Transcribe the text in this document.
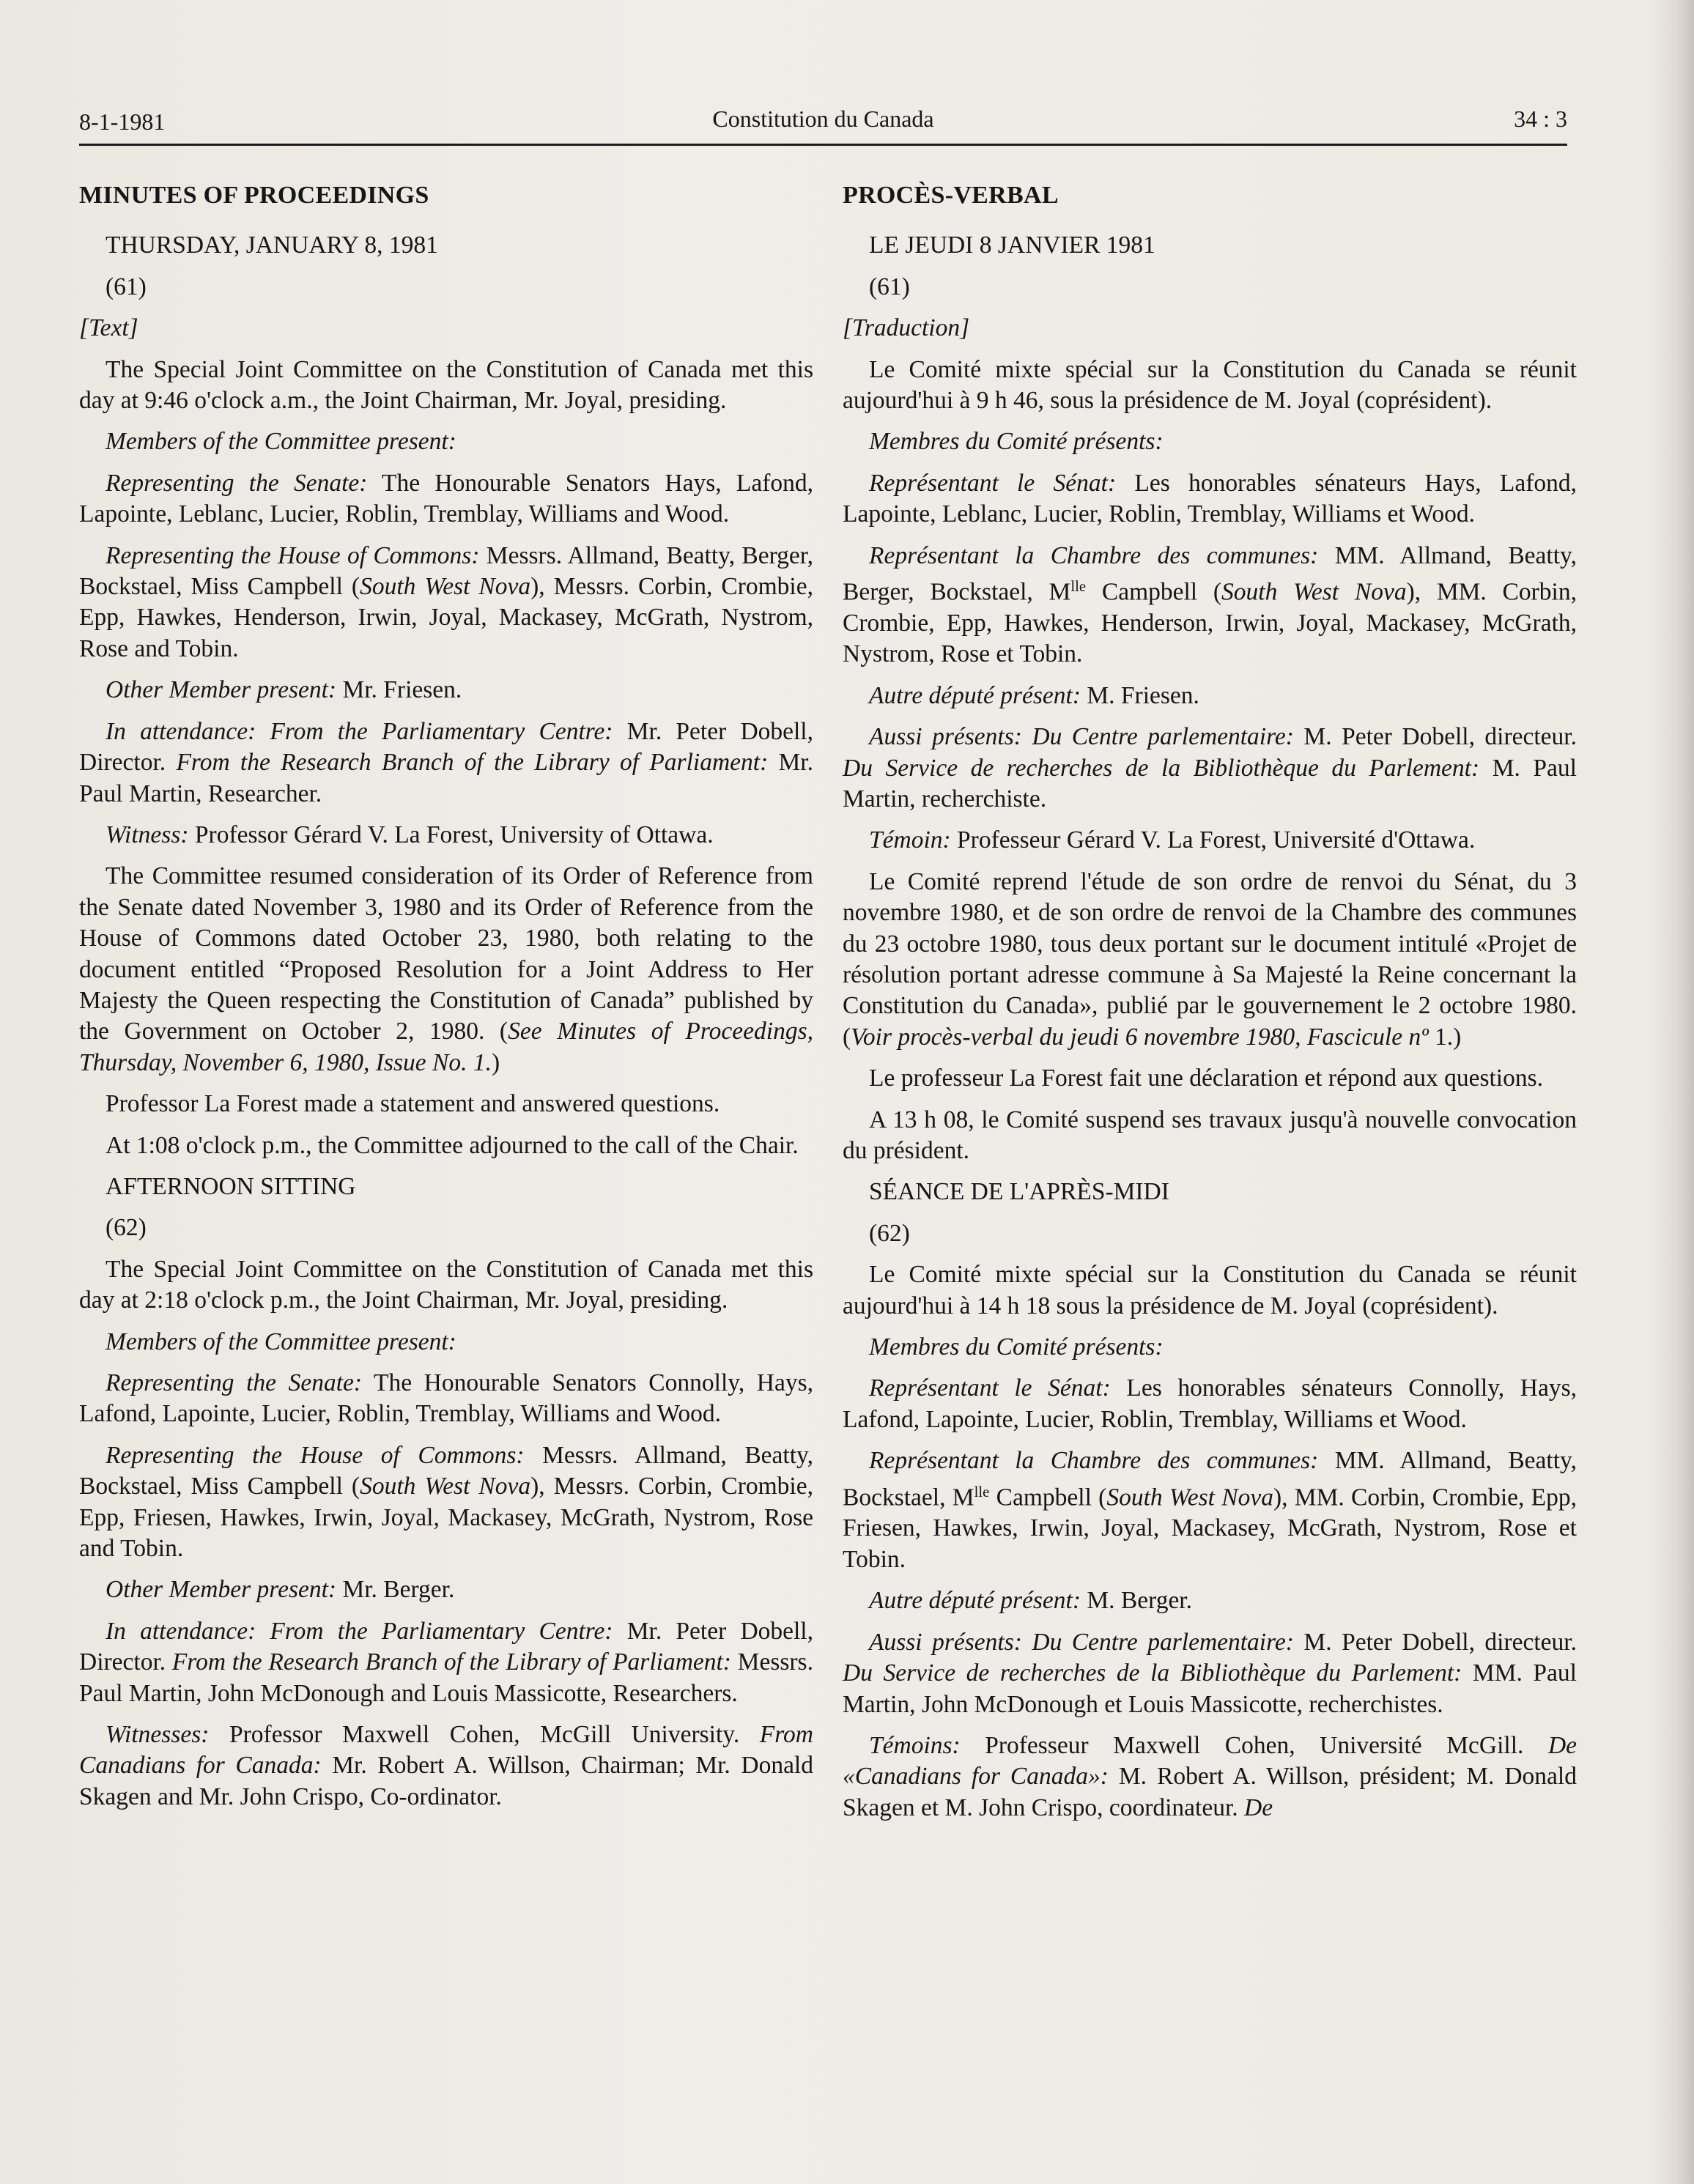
8-1-1981	Constitution du Canada	34 : 3
MINUTES OF PROCEEDINGS

THURSDAY, JANUARY 8, 1981

(61)

[Text]

The Special Joint Committee on the Constitution of Canada met this day at 9:46 o'clock a.m., the Joint Chairman, Mr. Joyal, presiding.

Members of the Committee present:

Representing the Senate: The Honourable Senators Hays, Lafond, Lapointe, Leblanc, Lucier, Roblin, Tremblay, Williams and Wood.

Representing the House of Commons: Messrs. Allmand, Beatty, Berger, Bockstael, Miss Campbell (South West Nova), Messrs. Corbin, Crombie, Epp, Hawkes, Henderson, Irwin, Joyal, Mackasey, McGrath, Nystrom, Rose and Tobin.

Other Member present: Mr. Friesen.

In attendance: From the Parliamentary Centre: Mr. Peter Dobell, Director. From the Research Branch of the Library of Parliament: Mr. Paul Martin, Researcher.

Witness: Professor Gérard V. La Forest, University of Ottawa.

The Committee resumed consideration of its Order of Reference from the Senate dated November 3, 1980 and its Order of Reference from the House of Commons dated October 23, 1980, both relating to the document entitled “Proposed Resolution for a Joint Address to Her Majesty the Queen respecting the Constitution of Canada” published by the Government on October 2, 1980. (See Minutes of Proceedings, Thursday, November 6, 1980, Issue No. 1.)

Professor La Forest made a statement and answered questions.

At 1:08 o'clock p.m., the Committee adjourned to the call of the Chair.

AFTERNOON SITTING

(62)

The Special Joint Committee on the Constitution of Canada met this day at 2:18 o'clock p.m., the Joint Chairman, Mr. Joyal, presiding.

Members of the Committee present:

Representing the Senate: The Honourable Senators Connolly, Hays, Lafond, Lapointe, Lucier, Roblin, Tremblay, Williams and Wood.

Representing the House of Commons: Messrs. Allmand, Beatty, Bockstael, Miss Campbell (South West Nova), Messrs. Corbin, Crombie, Epp, Friesen, Hawkes, Irwin, Joyal, Mackasey, McGrath, Nystrom, Rose and Tobin.

Other Member present: Mr. Berger.

In attendance: From the Parliamentary Centre: Mr. Peter Dobell, Director. From the Research Branch of the Library of Parliament: Messrs. Paul Martin, John McDonough and Louis Massicotte, Researchers.

Witnesses: Professor Maxwell Cohen, McGill University. From Canadians for Canada: Mr. Robert A. Willson, Chairman; Mr. Donald Skagen and Mr. John Crispo, Co-ordinator.

PROCÈS-VERBAL

LE JEUDI 8 JANVIER 1981

(61)

[Traduction]

Le Comité mixte spécial sur la Constitution du Canada se réunit aujourd'hui à 9 h 46, sous la présidence de M. Joyal (coprésident).

Membres du Comité présents:

Représentant le Sénat: Les honorables sénateurs Hays, Lafond, Lapointe, Leblanc, Lucier, Roblin, Tremblay, Williams et Wood.

Représentant la Chambre des communes: MM. Allmand, Beatty, Berger, Bockstael, $M^{lle}$ Campbell (South West Nova), MM. Corbin, Crombie, Epp, Hawkes, Henderson, Irwin, Joyal, Mackasey, McGrath, Nystrom, Rose et Tobin.

Autre député présent: M. Friesen.

Aussi présents: Du Centre parlementaire: M. Peter Dobell, directeur. Du Service de recherches de la Bibliothèque du Parlement: M. Paul Martin, recherchiste.

Témoin: Professeur Gérard V. La Forest, Université d'Ottawa.

Le Comité reprend l'étude de son ordre de renvoi du Sénat, du 3 novembre 1980, et de son ordre de renvoi de la Chambre des communes du 23 octobre 1980, tous deux portant sur le document intitulé «Projet de résolution portant adresse commune à Sa Majesté la Reine concernant la Constitution du Canada», publié par le gouvernement le 2 octobre 1980. (Voir procès-verbal du jeudi 6 novembre 1980, Fascicule nº 1.)

Le professeur La Forest fait une déclaration et répond aux questions.

A 13 h 08, le Comité suspend ses travaux jusqu'à nouvelle convocation du président.

SÉANCE DE L'APRÈS-MIDI

(62)

Le Comité mixte spécial sur la Constitution du Canada se réunit aujourd'hui à 14 h 18 sous la présidence de M. Joyal (coprésident).

Membres du Comité présents:

Représentant le Sénat: Les honorables sénateurs Connolly, Hays, Lafond, Lapointe, Lucier, Roblin, Tremblay, Williams et Wood.

Représentant la Chambre des communes: MM. Allmand, Beatty, Bockstael, $M^{lle}$ Campbell (South West Nova), MM. Corbin, Crombie, Epp, Friesen, Hawkes, Irwin, Joyal, Mackasey, McGrath, Nystrom, Rose et Tobin.

Autre député présent: M. Berger.

Aussi présents: Du Centre parlementaire: M. Peter Dobell, directeur. Du Service de recherches de la Bibliothèque du Parlement: MM. Paul Martin, John McDonough et Louis Massicotte, recherchistes.

Témoins: Professeur Maxwell Cohen, Université McGill. De «Canadians for Canada»: M. Robert A. Willson, président; M. Donald Skagen et M. John Crispo, coordinateur. De
